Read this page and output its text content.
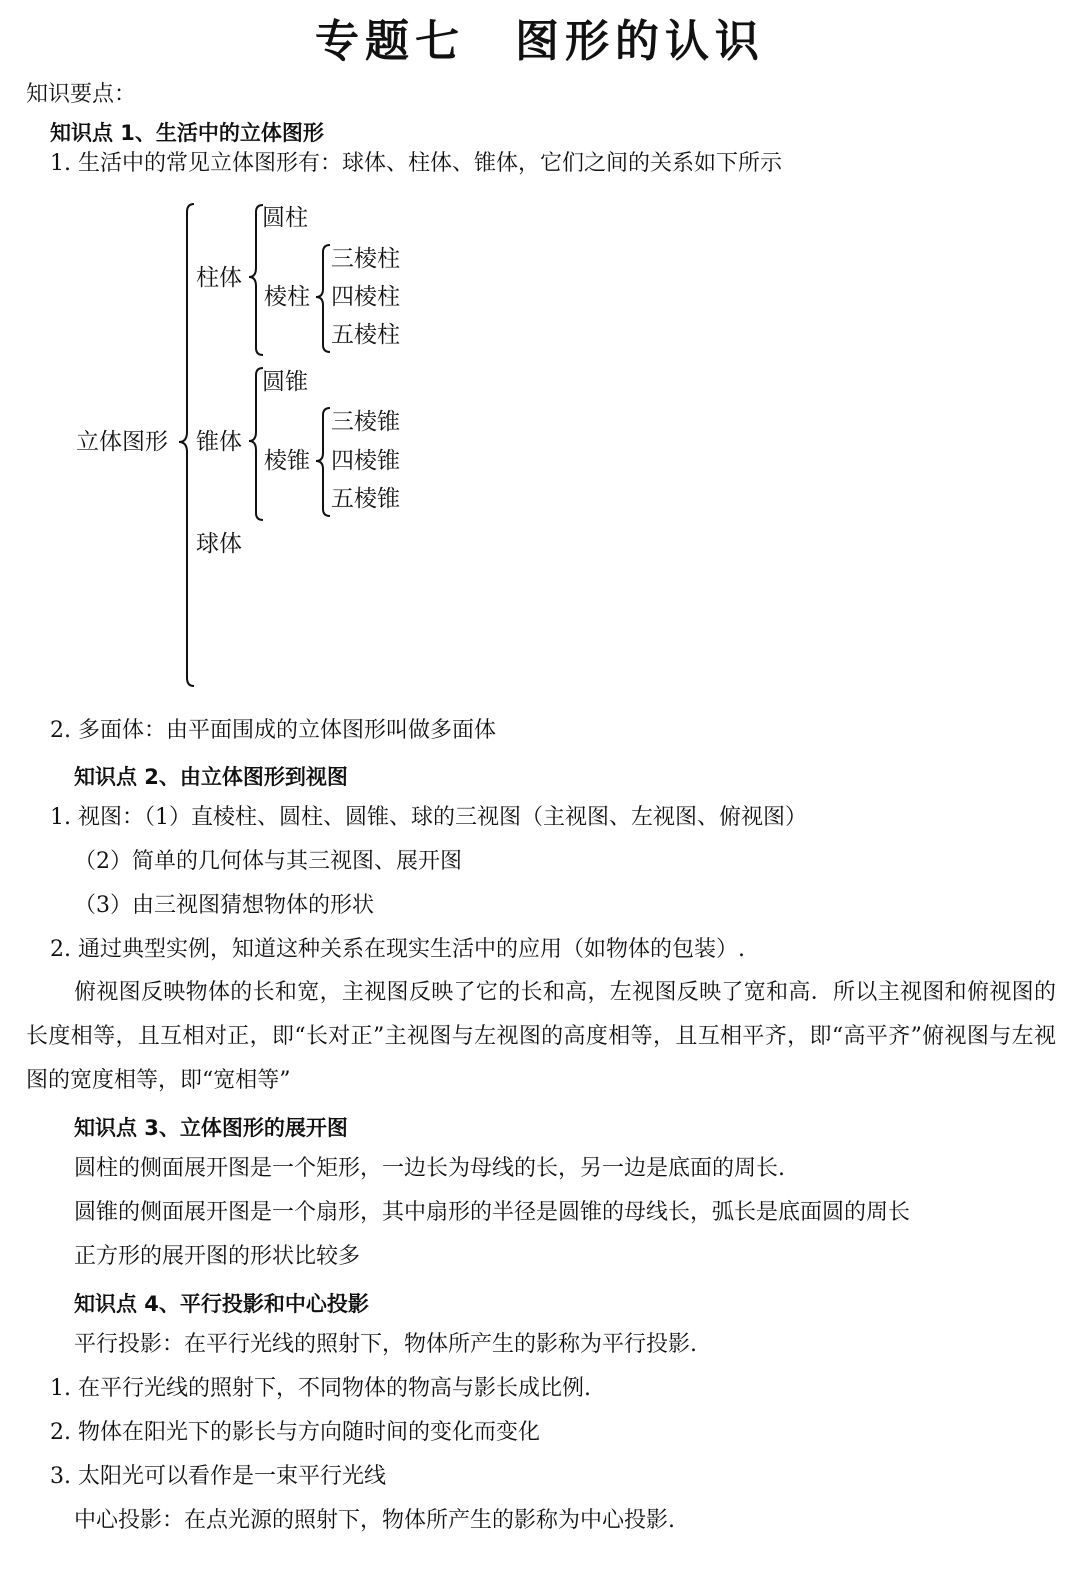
专题七 图形的认识
知识要点：
知识点 1、生活中的立体图形
1. 生活中的常见立体图形有：球体、柱体、锥体，它们之间的关系如下所示
立体图形
柱体
圆柱
棱柱
三棱柱
四棱柱
五棱柱
锥体
圆锥
棱锥
三棱锥
四棱锥
五棱锥
球体
2. 多面体：由平面围成的立体图形叫做多面体
知识点 2、由立体图形到视图
1. 视图：（1）直棱柱、圆柱、圆锥、球的三视图（主视图、左视图、俯视图）
（2）简单的几何体与其三视图、展开图
（3）由三视图猜想物体的形状
2. 通过典型实例，知道这种关系在现实生活中的应用（如物体的包装）.
俯视图反映物体的长和宽，主视图反映了它的长和高，左视图反映了宽和高．所以主视图和俯视图的长度相等，且互相对正，即“长对正”主视图与左视图的高度相等，且互相平齐，即“高平齐”俯视图与左视图的宽度相等，即“宽相等”
知识点 3、立体图形的展开图
圆柱的侧面展开图是一个矩形，一边长为母线的长，另一边是底面的周长.
圆锥的侧面展开图是一个扇形，其中扇形的半径是圆锥的母线长，弧长是底面圆的周长
正方形的展开图的形状比较多
知识点 4、平行投影和中心投影
平行投影：在平行光线的照射下，物体所产生的影称为平行投影.
1. 在平行光线的照射下，不同物体的物高与影长成比例.
2. 物体在阳光下的影长与方向随时间的变化而变化
3. 太阳光可以看作是一束平行光线
中心投影：在点光源的照射下，物体所产生的影称为中心投影.
